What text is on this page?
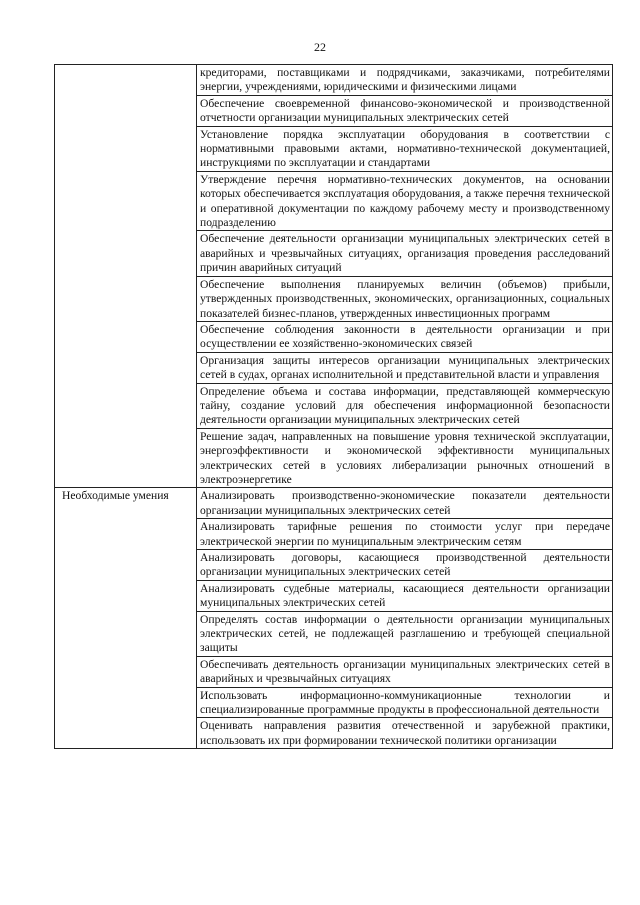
22

	кредиторами, поставщиками и подрядчиками, заказчиками, потребителями энергии, учреждениями, юридическими и физическими лицами

	Обеспечение своевременной финансово-экономической и производственной отчетности организации муниципальных электрических сетей

	Установление порядка эксплуатации оборудования в соответствии с нормативными правовыми актами, нормативно-технической документацией, инструкциями по эксплуатации и стандартами

	Утверждение перечня нормативно-технических документов, на основании которых обеспечивается эксплуатация оборудования, а также перечня технической и оперативной документации по каждому рабочему месту и производственному подразделению

	Обеспечение деятельности организации муниципальных электрических сетей в аварийных и чрезвычайных ситуациях, организация проведения расследований причин аварийных ситуаций

	Обеспечение выполнения планируемых величин (объемов) прибыли, утвержденных производственных, экономических, организационных, социальных показателей бизнес-планов, утвержденных инвестиционных программ

	Обеспечение соблюдения законности в деятельности организации и при осуществлении ее хозяйственно-экономических связей

	Организация защиты интересов организации муниципальных электрических сетей в судах, органах исполнительной и представительной власти и управления

	Определение объема и состава информации, представляющей коммерческую тайну, создание условий для обеспечения информационной безопасности деятельности организации муниципальных электрических сетей

	Решение задач, направленных на повышение уровня технической эксплуатации, энергоэффективности и экономической эффективности муниципальных электрических сетей в условиях либерализации рыночных отношений в электроэнергетике

Необходимые умения	Анализировать производственно-экономические показатели деятельности организации муниципальных электрических сетей

	Анализировать тарифные решения по стоимости услуг при передаче электрической энергии по муниципальным электрическим сетям

	Анализировать договоры, касающиеся производственной деятельности организации муниципальных электрических сетей

	Анализировать судебные материалы, касающиеся деятельности организации муниципальных электрических сетей

	Определять состав информации о деятельности организации муниципальных электрических сетей, не подлежащей разглашению и требующей специальной защиты

	Обеспечивать деятельность организации муниципальных электрических сетей в аварийных и чрезвычайных ситуациях

	Использовать информационно-коммуникационные технологии и специализированные программные продукты в профессиональной деятельности

	Оценивать направления развития отечественной и зарубежной практики, использовать их при формировании технической политики организации
